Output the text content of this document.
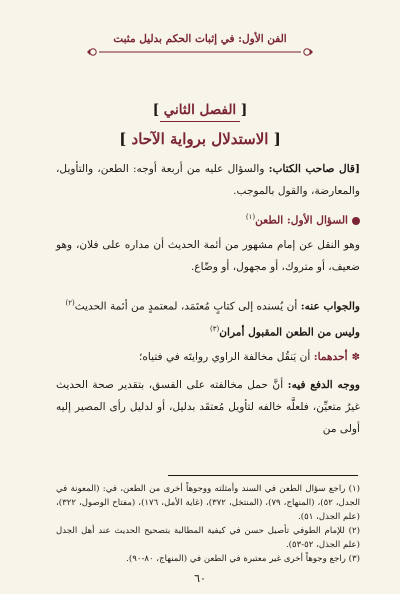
الفن الأول: في إثبات الحكم بدليل مثبت
[ الفصل الثاني ]
[ الاستدلال برواية الآحاد ]
[قال صاحب الكتاب: والسؤال عليه من أربعة أوجه: الطعن، والتأويل، والمعارضة، والقول بالموجب.
السؤال الأول: الطعن$^{(١)}$
وهو النقل عن إمام مشهور من أئمة الحديث أن مداره على فلان، وهو ضعيف، أو متروك، أو مجهول، أو وضّاع.
والجواب عنه: أن يُسنده إلى كتابٍ مُعتَمَد، لمعتمدٍ من أئمة الحديث$^{(٢)}$
وليس من الطعن المقبول أمران$^{(٣)}$
✽أحدهما: أن يَنقُل مخالفة الراوي روايتَه في فتياه؛
ووجه الدفع فيه: أنَّ حمل مخالفته على الفسق، بتقدير صحة الحديث غيرُ متعيِّن، فلعلَّه خالفه لتأويل مُعتقَد بدليل، أو لدليل رأى المصير إليه أولى من
(١) راجع سؤال الطعن في السند وأمثلته ووجوهاً أخرى من الطعن، في: (المعونة في الجدل، ٥٢)، (المنهاج، ٧٩)، (المنتخل، ٣٧٢)، (غاية الأمل، ١٧٦)، (مفتاح الوصول، ٣٢٢)، (علم الجذل، ٥١).
(٢) للإمام الطوفي تأصيل حسن في كيفية المطالبة بتصحيح الحديث عند أهل الجدل (علم الجذل، ٥٢-٥٣).
(٣) راجع وجوهاً أخرى غير معتبرة في الطعن في (المنهاج، ٨٠-٩٠).
٦٠
